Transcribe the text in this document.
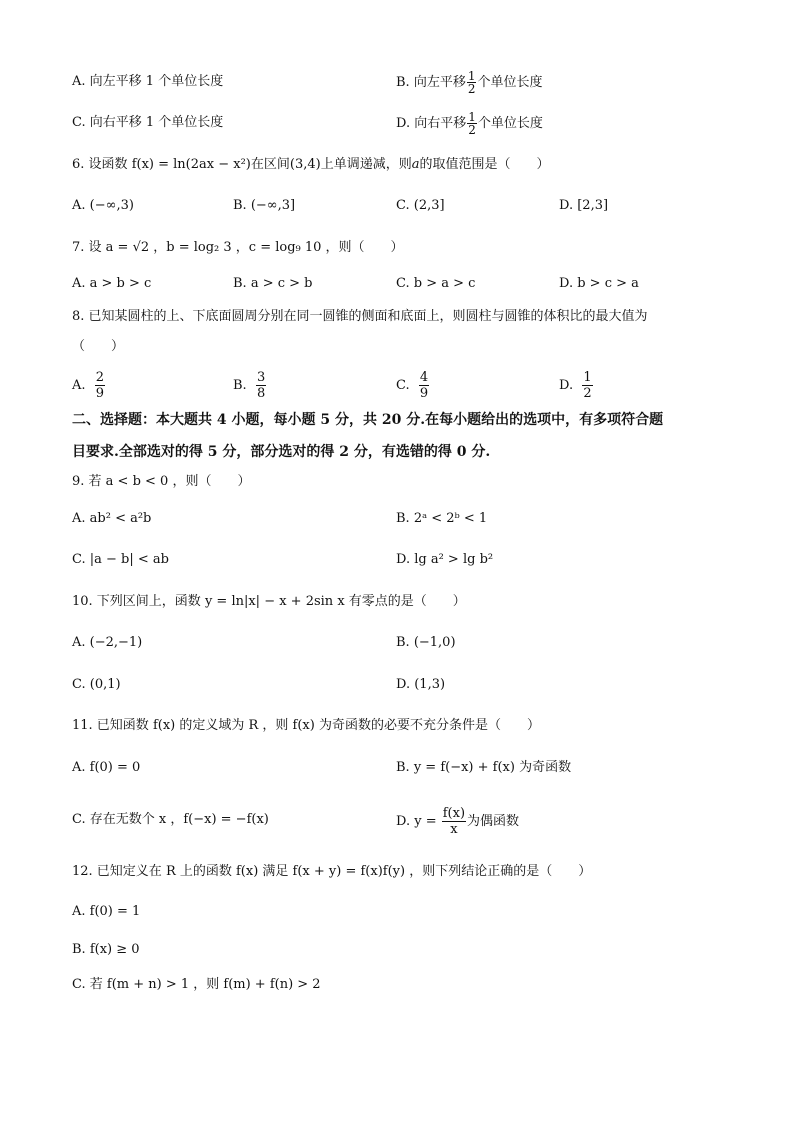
A. 向左平移 1 个单位长度	B. 向左平移 $\frac{1}{2}$ 个单位长度
C. 向右平移 1 个单位长度	D. 向右平移 $\frac{1}{2}$ 个单位长度
6. 设函数 f(x) = ln(2ax − x²)在区间(3,4)上单调递减，则a的取值范围是（　　）
A. (−∞,3)	B. (−∞,3]	C. (2,3]	D. [2,3]
7. 设 a = √2 ，b = log₂ 3 ，c = log₉ 10 ，则（　　）
A. a > b > c	B. a > c > b	C. b > a > c	D. b > c > a
8. 已知某圆柱的上、下底面圆周分别在同一圆锥的侧面和底面上，则圆柱与圆锥的体积比的最大值为
（　　）
A. $\frac{2}{9}$	B. $\frac{3}{8}$	C. $\frac{4}{9}$	D. $\frac{1}{2}$
二、选择题：本大题共 4 小题，每小题 5 分，共 20 分.在每小题给出的选项中，有多项符合题
目要求.全部选对的得 5 分，部分选对的得 2 分，有选错的得 0 分.
9. 若 a < b < 0 ，则（　　）
A. ab² < a²b	B. 2ᵃ < 2ᵇ < 1
C. |a − b| < ab	D. lg a² > lg b²
10. 下列区间上，函数 y = ln|x| − x + 2sin x 有零点的是（　　）
A. (−2,−1)	B. (−1,0)
C. (0,1)	D. (1,3)
11. 已知函数 f(x) 的定义域为 R ，则 f(x) 为奇函数的必要不充分条件是（　　）
A. f(0) = 0	B. y = f(−x) + f(x) 为奇函数
C. 存在无数个 x ，f(−x) = −f(x)	D. $y = \frac{f(x)}{x}$ 为偶函数
12. 已知定义在 R 上的函数 f(x) 满足 f(x + y) = f(x)f(y) ，则下列结论正确的是（　　）
A. f(0) = 1
B. f(x) ≥ 0
C. 若 f(m + n) > 1 ，则 f(m) + f(n) > 2
